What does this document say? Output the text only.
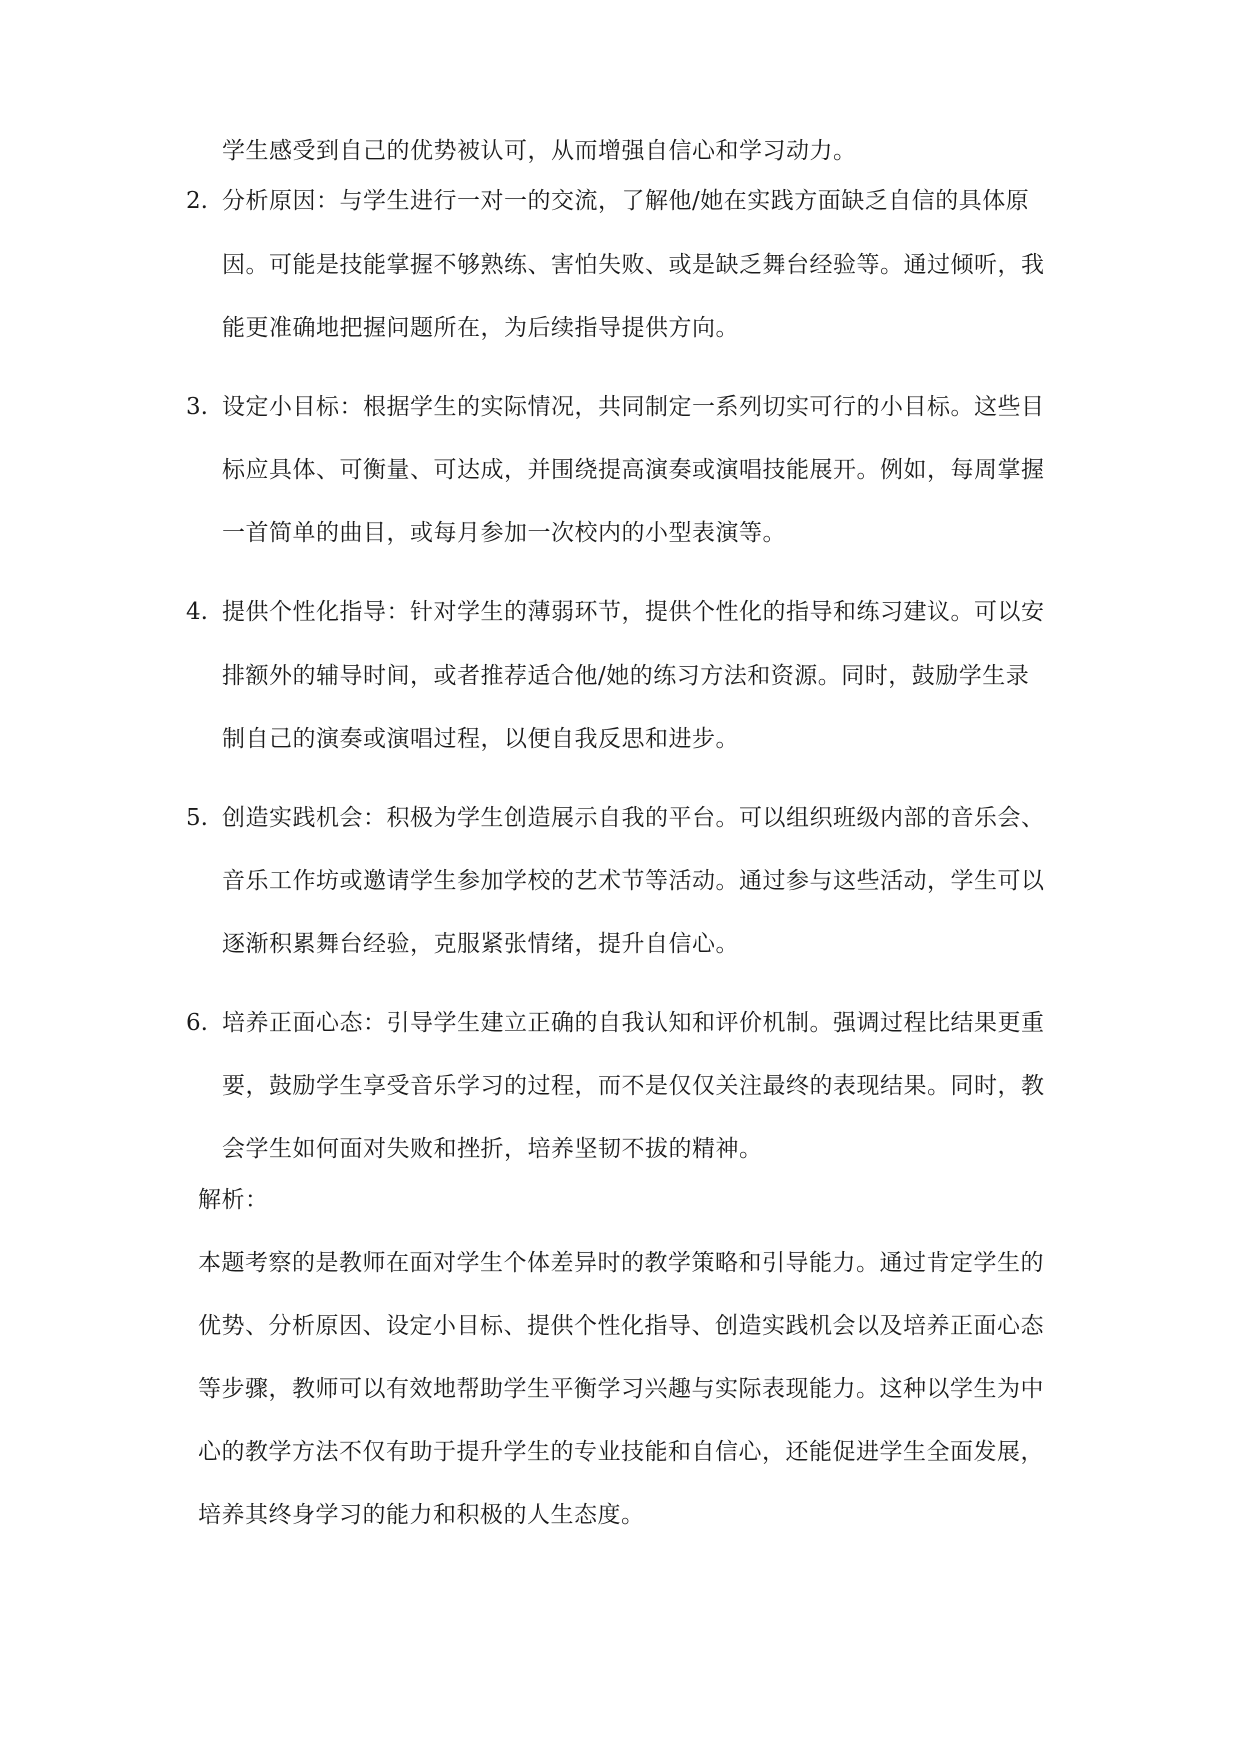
学生感受到自己的优势被认可，从而增强自信心和学习动力。
2. 分析原因：与学生进行一对一的交流，了解他/她在实践方面缺乏自信的具体原
因。可能是技能掌握不够熟练、害怕失败、或是缺乏舞台经验等。通过倾听，我
能更准确地把握问题所在，为后续指导提供方向。
3. 设定小目标：根据学生的实际情况，共同制定一系列切实可行的小目标。这些目
标应具体、可衡量、可达成，并围绕提高演奏或演唱技能展开。例如，每周掌握
一首简单的曲目，或每月参加一次校内的小型表演等。
4. 提供个性化指导：针对学生的薄弱环节，提供个性化的指导和练习建议。可以安
排额外的辅导时间，或者推荐适合他/她的练习方法和资源。同时，鼓励学生录
制自己的演奏或演唱过程，以便自我反思和进步。
5. 创造实践机会：积极为学生创造展示自我的平台。可以组织班级内部的音乐会、
音乐工作坊或邀请学生参加学校的艺术节等活动。通过参与这些活动，学生可以
逐渐积累舞台经验，克服紧张情绪，提升自信心。
6. 培养正面心态：引导学生建立正确的自我认知和评价机制。强调过程比结果更重
要，鼓励学生享受音乐学习的过程，而不是仅仅关注最终的表现结果。同时，教
会学生如何面对失败和挫折，培养坚韧不拔的精神。
解析：
本题考察的是教师在面对学生个体差异时的教学策略和引导能力。通过肯定学生的
优势、分析原因、设定小目标、提供个性化指导、创造实践机会以及培养正面心态
等步骤，教师可以有效地帮助学生平衡学习兴趣与实际表现能力。这种以学生为中
心的教学方法不仅有助于提升学生的专业技能和自信心，还能促进学生全面发展，
培养其终身学习的能力和积极的人生态度。
